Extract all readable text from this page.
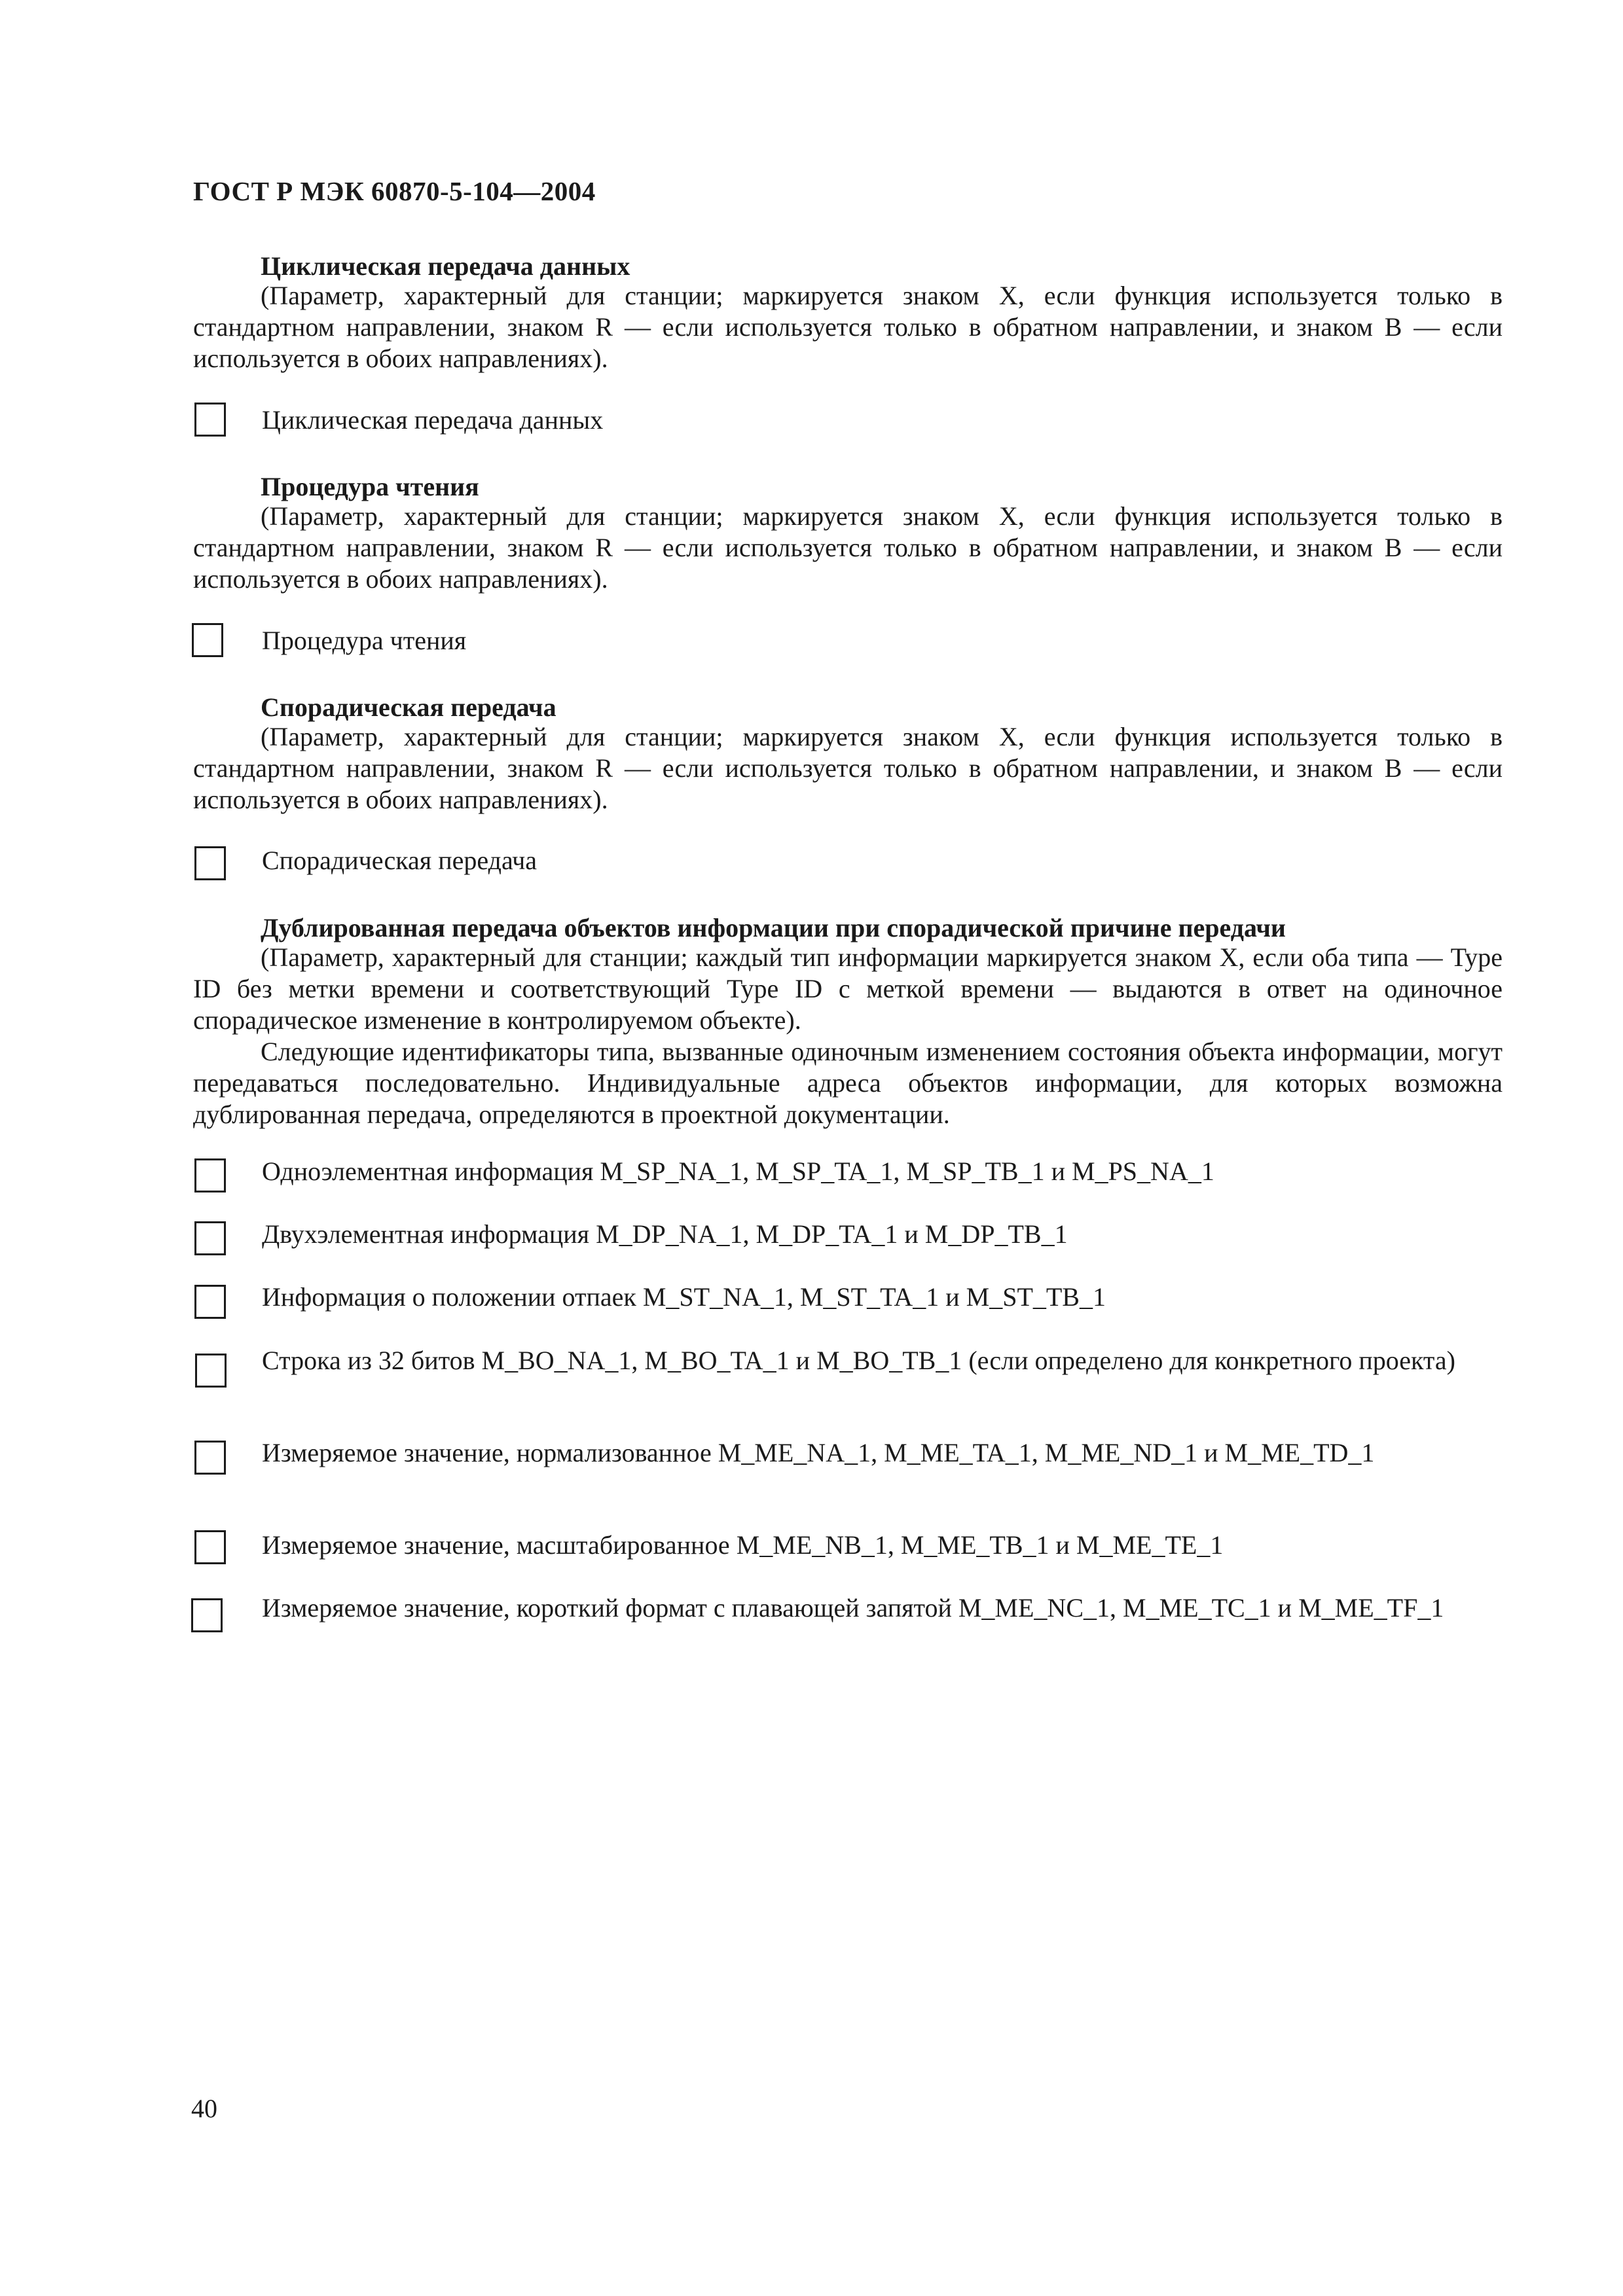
ГОСТ Р МЭК 60870-5-104—2004
Циклическая передача данных
(Параметр, характерный для станции; маркируется знаком X, если функция используется только в стандартном направлении, знаком R — если используется только в обратном направлении, и знаком B — если используется в обоих направлениях).
Циклическая передача данных
Процедура чтения
(Параметр, характерный для станции; маркируется знаком X, если функция используется только в стандартном направлении, знаком R — если используется только в обратном направлении, и знаком B — если используется в обоих направлениях).
Процедура чтения
Спорадическая передача
(Параметр, характерный для станции; маркируется знаком X, если функция используется только в стандартном направлении, знаком R — если используется только в обратном направлении, и знаком B — если используется в обоих направлениях).
Спорадическая передача
Дублированная передача объектов информации при спорадической причине передачи
(Параметр, характерный для станции; каждый тип информации маркируется знаком X, если оба типа — Type ID без метки времени и соответствующий Type ID с меткой времени — выдаются в ответ на одиночное спорадическое изменение в контролируемом объекте).
Следующие идентификаторы типа, вызванные одиночным изменением состояния объекта информации, могут передаваться последовательно. Индивидуальные адреса объектов информации, для которых возможна дублированная передача, определяются в проектной документации.
Одноэлементная информация M_SP_NA_1, M_SP_TA_1, M_SP_TB_1 и M_PS_NA_1
Двухэлементная информация M_DP_NA_1, M_DP_TA_1 и M_DP_TB_1
Информация о положении отпаек M_ST_NA_1, M_ST_TA_1 и M_ST_TB_1
Строка из 32 битов M_BO_NA_1, M_BO_TA_1 и M_BO_TB_1 (если определено для конкретного проекта)
Измеряемое значение, нормализованное M_ME_NA_1, M_ME_TA_1, M_ME_ND_1 и M_ME_TD_1
Измеряемое значение, масштабированное M_ME_NB_1, M_ME_TB_1 и M_ME_TE_1
Измеряемое значение, короткий формат с плавающей запятой M_ME_NC_1, M_ME_TC_1 и M_ME_TF_1
40
